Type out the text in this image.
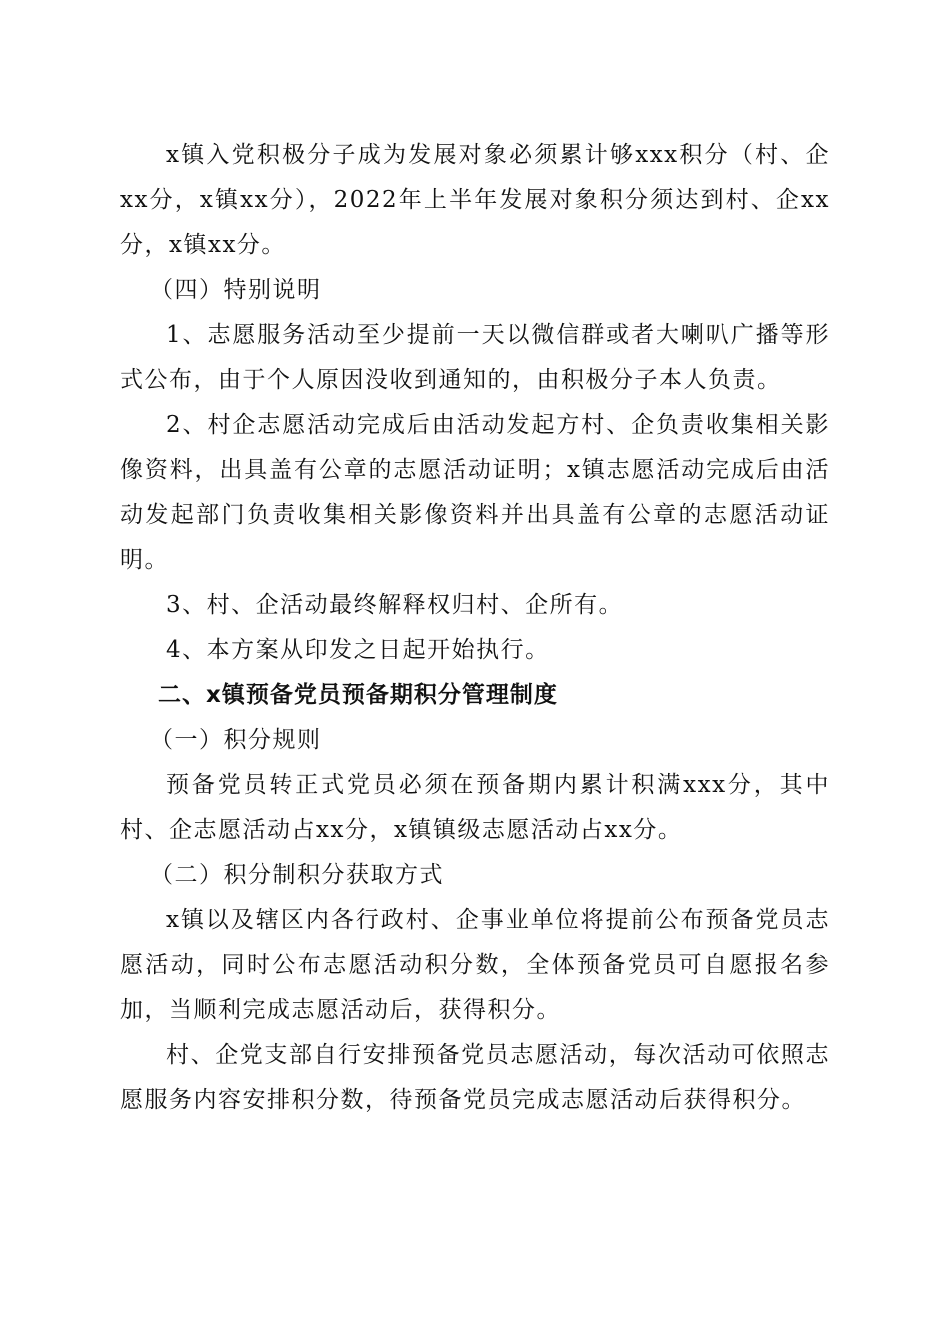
x镇入党积极分子成为发展对象必须累计够xxx积分（村、企xx分，x镇xx分），2022年上半年发展对象积分须达到村、企xx分，x镇xx分。

（四）特别说明

1、志愿服务活动至少提前一天以微信群或者大喇叭广播等形式公布，由于个人原因没收到通知的，由积极分子本人负责。

2、村企志愿活动完成后由活动发起方村、企负责收集相关影像资料，出具盖有公章的志愿活动证明；x镇志愿活动完成后由活动发起部门负责收集相关影像资料并出具盖有公章的志愿活动证明。

3、村、企活动最终解释权归村、企所有。

4、本方案从印发之日起开始执行。

二、x镇预备党员预备期积分管理制度

（一）积分规则

预备党员转正式党员必须在预备期内累计积满xxx分，其中村、企志愿活动占xx分，x镇镇级志愿活动占xx分。

（二）积分制积分获取方式

x镇以及辖区内各行政村、企事业单位将提前公布预备党员志愿活动，同时公布志愿活动积分数，全体预备党员可自愿报名参加，当顺利完成志愿活动后，获得积分。

村、企党支部自行安排预备党员志愿活动，每次活动可依照志愿服务内容安排积分数，待预备党员完成志愿活动后获得积分。
